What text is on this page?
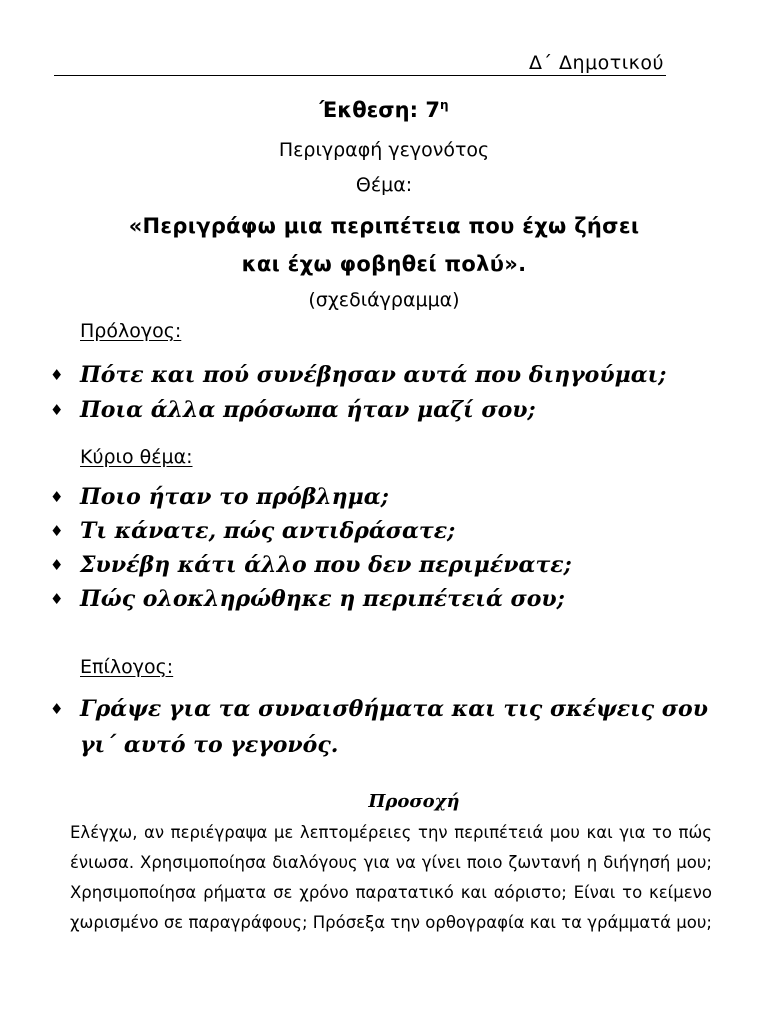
Δ΄ Δημοτικού
Έκθεση: $7^\eta$
Περιγραφή γεγονότος
Θέμα:
«Περιγράφω μια περιπέτεια που έχω ζήσει
και έχω φοβηθεί πολύ».
(σχεδιάγραμμα)
Πρόλογος:
♦ Πότε και πού συνέβησαν αυτά που διηγούμαι;
♦ Ποια άλλα πρόσωπα ήταν μαζί σου;
Κύριο θέμα:
♦ Ποιο ήταν το πρόβλημα;
♦ Τι κάνατε, πώς αντιδράσατε;
♦ Συνέβη κάτι άλλο που δεν περιμένατε;
♦ Πώς ολοκληρώθηκε η περιπέτειά σου;
Επίλογος:
♦ Γράψε για τα συναισθήματα και τις σκέψεις σου γι΄ αυτό το γεγονός.
Προσοχή
Ελέγχω, αν περιέγραψα με λεπτομέρειες την περιπέτειά μου και για το πώς ένιωσα. Χρησιμοποίησα διαλόγους για να γίνει ποιο ζωντανή η διήγησή μου; Χρησιμοποίησα ρήματα σε χρόνο παρατατικό και αόριστο; Είναι το κείμενο χωρισμένο σε παραγράφους; Πρόσεξα την ορθογραφία και τα γράμματά μου;
